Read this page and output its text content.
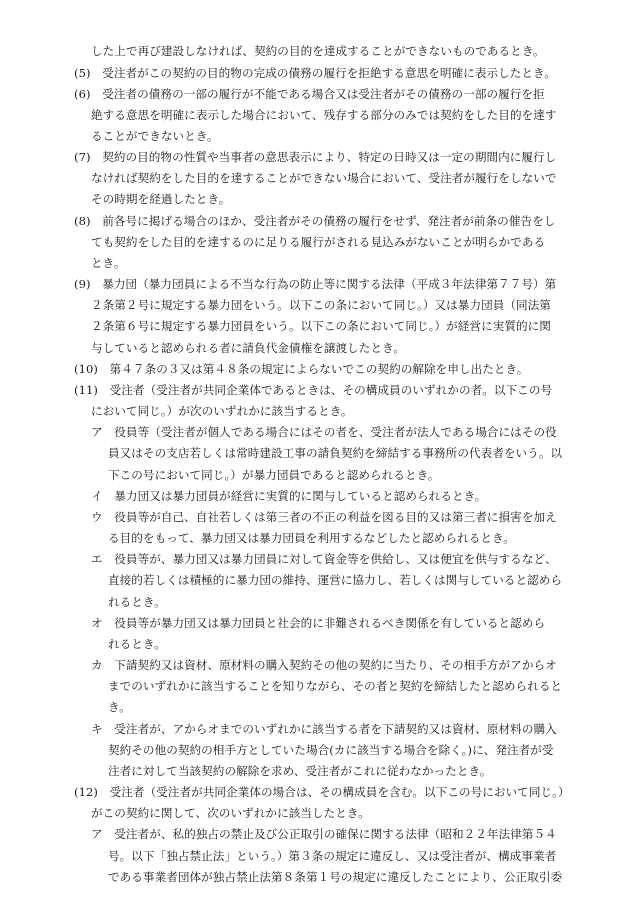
した上で再び建設しなければ、契約の目的を達成することができないものであるとき。
(5)　受注者がこの契約の目的物の完成の債務の履行を拒絶する意思を明確に表示したとき。
(6)　受注者の債務の一部の履行が不能である場合又は受注者がその債務の一部の履行を拒
絶する意思を明確に表示した場合において、残存する部分のみでは契約をした目的を達す
ることができないとき。
(7)　契約の目的物の性質や当事者の意思表示により、特定の日時又は一定の期間内に履行し
なければ契約をした目的を達することができない場合において、受注者が履行をしないで
その時期を経過したとき。
(8)　前各号に掲げる場合のほか、受注者がその債務の履行をせず、発注者が前条の催告をし
ても契約をした目的を達するのに足りる履行がされる見込みがないことが明らかである
とき。
(9)　暴力団（暴力団員による不当な行為の防止等に関する法律（平成３年法律第７７号）第
２条第２号に規定する暴力団をいう。以下この条において同じ。）又は暴力団員（同法第
２条第６号に規定する暴力団員をいう。以下この条において同じ。）が経営に実質的に関
与していると認められる者に請負代金債権を譲渡したとき。
(10)　第４７条の３又は第４８条の規定によらないでこの契約の解除を申し出たとき。
(11)　受注者（受注者が共同企業体であるときは、その構成員のいずれかの者。以下この号
において同じ。）が次のいずれかに該当するとき。
ア　役員等（受注者が個人である場合にはその者を、受注者が法人である場合にはその役
員又はその支店若しくは常時建設工事の請負契約を締結する事務所の代表者をいう。以
下この号において同じ。）が暴力団員であると認められるとき。
イ　暴力団又は暴力団員が経営に実質的に関与していると認められるとき。
ウ　役員等が自己、自社若しくは第三者の不正の利益を図る目的又は第三者に損害を加え
る目的をもって、暴力団又は暴力団員を利用するなどしたと認められるとき。
エ　役員等が、暴力団又は暴力団員に対して資金等を供給し、又は便宜を供与するなど、
直接的若しくは積極的に暴力団の維持、運営に協力し、若しくは関与していると認めら
れるとき。
オ　役員等が暴力団又は暴力団員と社会的に非難されるべき関係を有していると認めら
れるとき。
カ　下請契約又は資材、原材料の購入契約その他の契約に当たり、その相手方がアからオ
までのいずれかに該当することを知りながら、その者と契約を締結したと認められると
き。
キ　受注者が、アからオまでのいずれかに該当する者を下請契約又は資材、原材料の購入
契約その他の契約の相手方としていた場合(カに該当する場合を除く。)に、発注者が受
注者に対して当該契約の解除を求め、受注者がこれに従わなかったとき。
(12)　受注者（受注者が共同企業体の場合は、その構成員を含む。以下この号において同じ。）
がこの契約に関して、次のいずれかに該当したとき。
ア　受注者が、私的独占の禁止及び公正取引の確保に関する法律（昭和２２年法律第５４
号。以下「独占禁止法」という。）第３条の規定に違反し、又は受注者が、構成事業者
である事業者団体が独占禁止法第８条第１号の規定に違反したことにより、公正取引委
